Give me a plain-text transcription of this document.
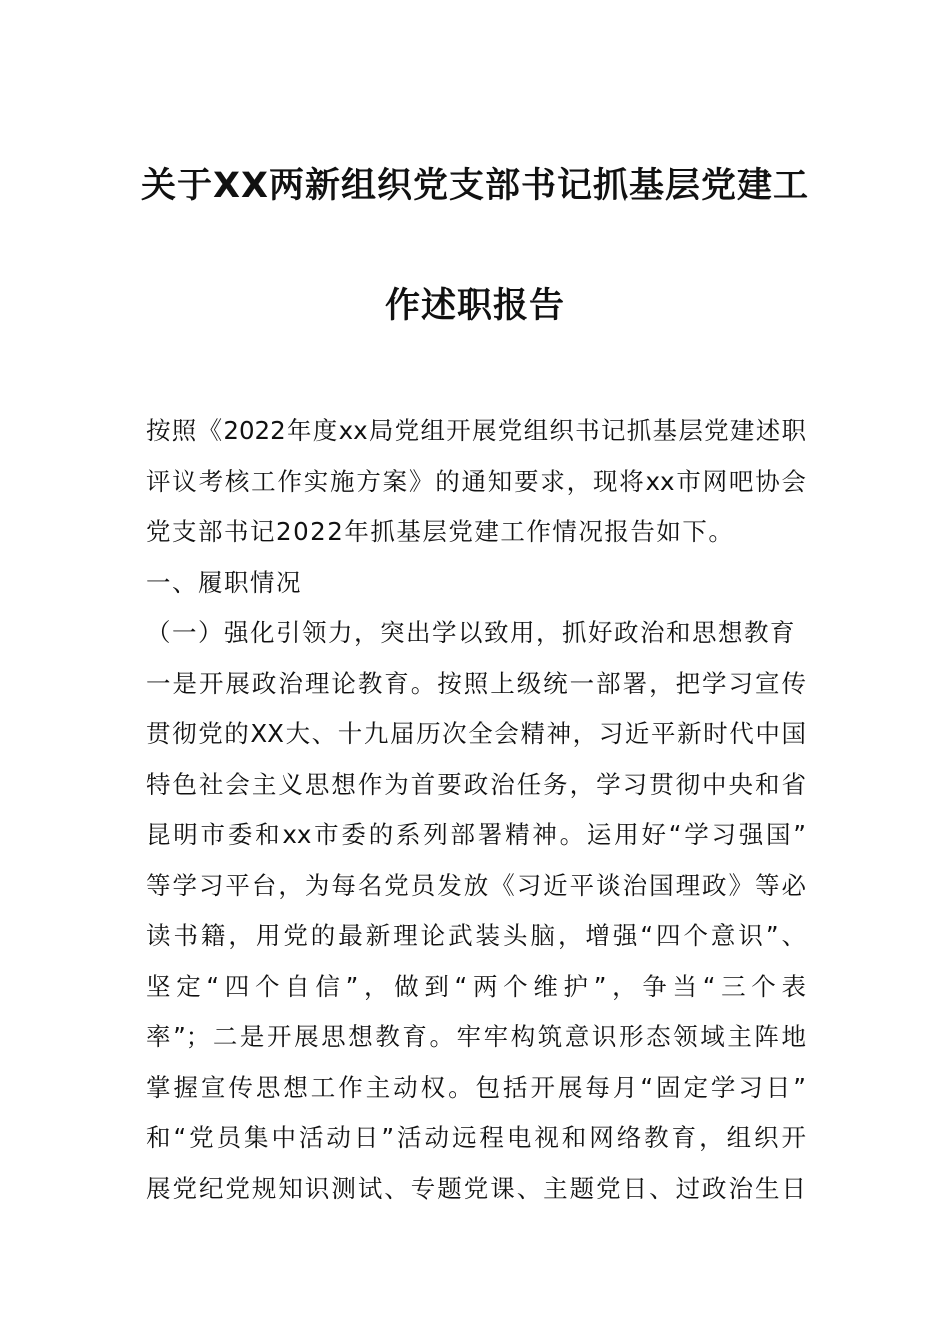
关于XX两新组织党支部书记抓基层党建工
作述职报告
按照《2022年度xx局党组开展党组织书记抓基层党建述职
评议考核工作实施方案》的通知要求，现将xx市网吧协会
党支部书记2022年抓基层党建工作情况报告如下。
一、履职情况
（一）强化引领力，突出学以致用，抓好政治和思想教育
一是开展政治理论教育。按照上级统一部署，把学习宣传
贯彻党的XX大、十九届历次全会精神，习近平新时代中国
特色社会主义思想作为首要政治任务，学习贯彻中央和省
昆明市委和xx市委的系列部署精神。运用好“学习强国”
等学习平台，为每名党员发放《习近平谈治国理政》等必
读书籍，用党的最新理论武装头脑，增强“四个意识”、
坚定“四个自信”，做到“两个维护”，争当“三个表
率”；二是开展思想教育。牢牢构筑意识形态领域主阵地
掌握宣传思想工作主动权。包括开展每月“固定学习日”
和“党员集中活动日”活动远程电视和网络教育，组织开
展党纪党规知识测试、专题党课、主题党日、过政治生日
